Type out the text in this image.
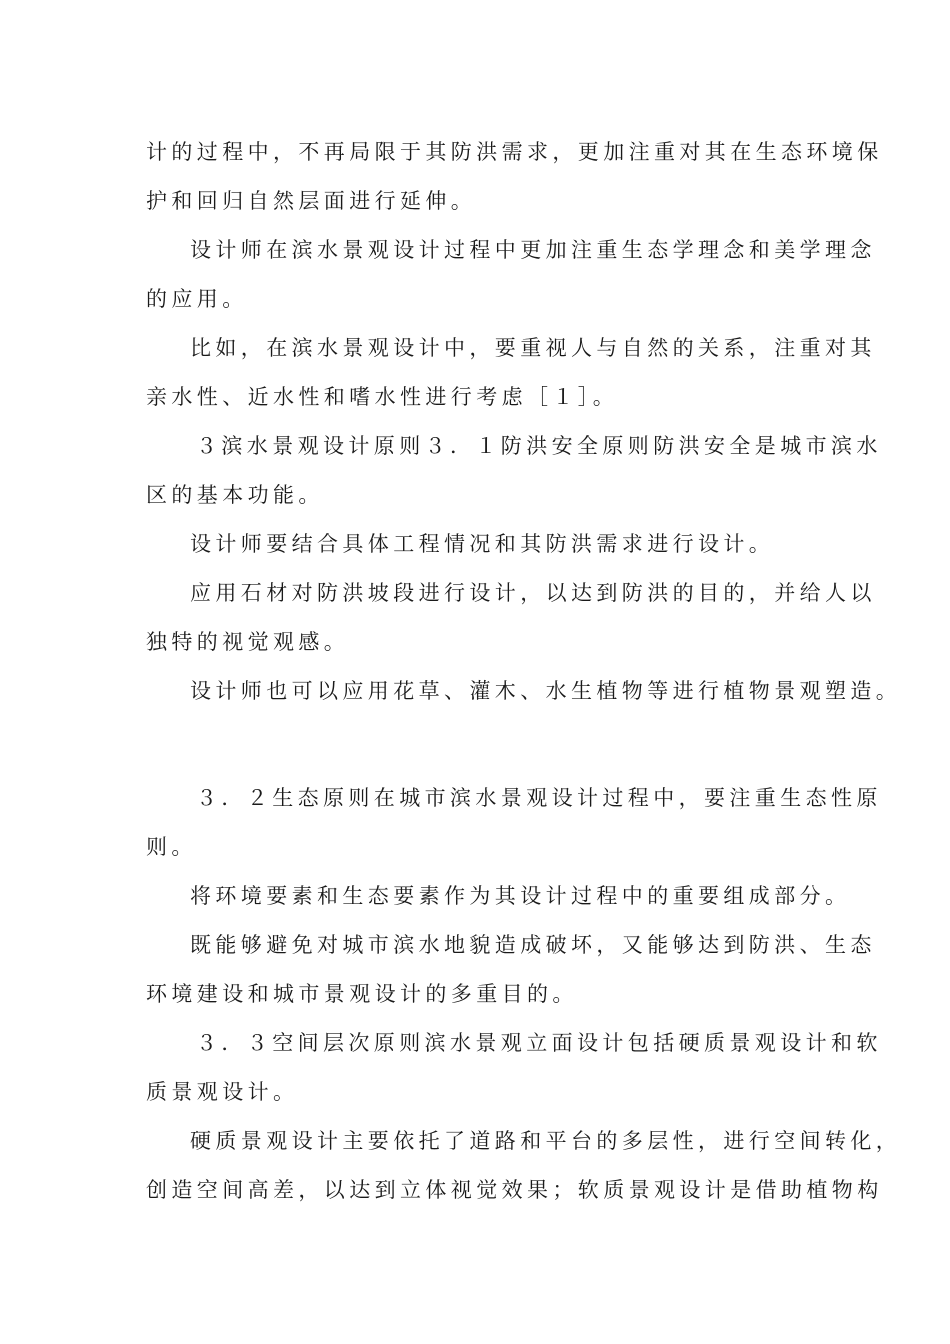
计的过程中，不再局限于其防洪需求，更加注重对其在生态环境保
护和回归自然层面进行延伸。
设计师在滨水景观设计过程中更加注重生态学理念和美学理念
的应用。
比如，在滨水景观设计中，要重视人与自然的关系，注重对其
亲水性、近水性和嗜水性进行考虑［１］。
３滨水景观设计原则３．１防洪安全原则防洪安全是城市滨水
区的基本功能。
设计师要结合具体工程情况和其防洪需求进行设计。
应用石材对防洪坡段进行设计，以达到防洪的目的，并给人以
独特的视觉观感。
设计师也可以应用花草、灌木、水生植物等进行植物景观塑造。
３．２生态原则在城市滨水景观设计过程中，要注重生态性原
则。
将环境要素和生态要素作为其设计过程中的重要组成部分。
既能够避免对城市滨水地貌造成破坏，又能够达到防洪、生态
环境建设和城市景观设计的多重目的。
３．３空间层次原则滨水景观立面设计包括硬质景观设计和软
质景观设计。
硬质景观设计主要依托了道路和平台的多层性，进行空间转化，
创造空间高差，以达到立体视觉效果；软质景观设计是借助植物构
